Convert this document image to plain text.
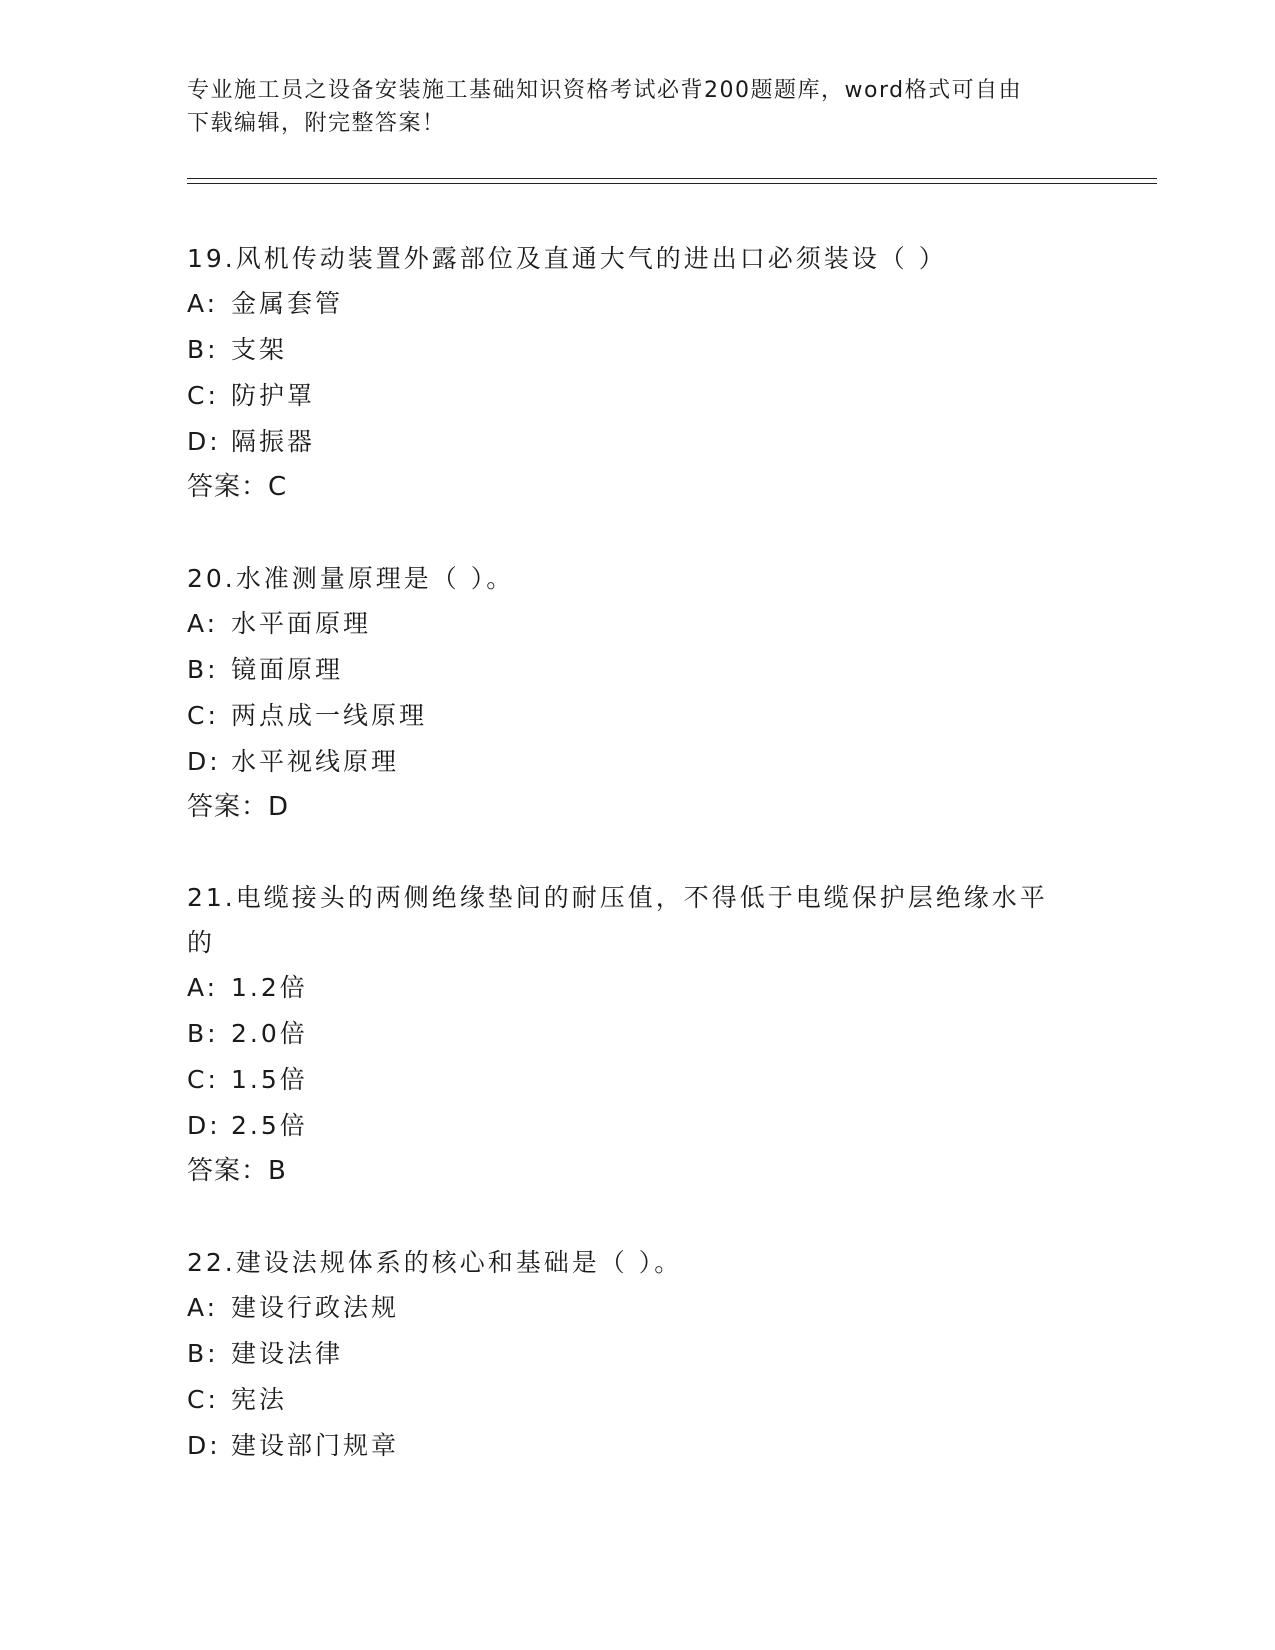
专业施工员之设备安装施工基础知识资格考试必背200题题库，word格式可自由
下载编辑，附完整答案！
19.风机传动装置外露部位及直通大气的进出口必须装设（ ）
A: 金属套管
B: 支架
C: 防护罩
D: 隔振器
答案：C
20.水准测量原理是（ ）。
A: 水平面原理
B: 镜面原理
C: 两点成一线原理
D: 水平视线原理
答案：D
21.电缆接头的两侧绝缘垫间的耐压值，不得低于电缆保护层绝缘水平
的
A: 1.2倍
B: 2.0倍
C: 1.5倍
D: 2.5倍
答案：B
22.建设法规体系的核心和基础是（ ）。
A: 建设行政法规
B: 建设法律
C: 宪法
D: 建设部门规章
